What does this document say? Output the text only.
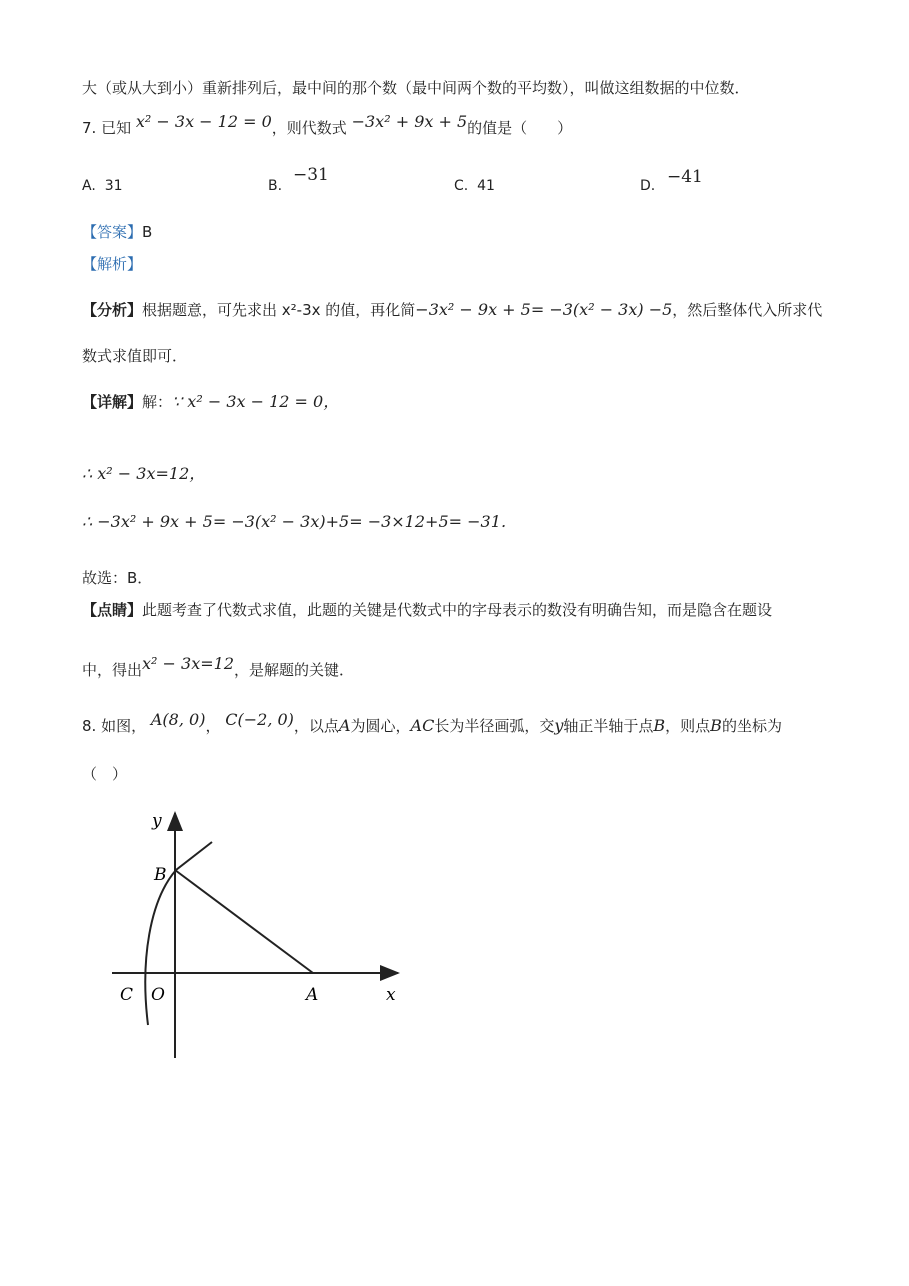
大（或从大到小）重新排列后，最中间的那个数（最中间两个数的平均数），叫做这组数据的中位数．
7. 已知 x² − 3x − 12 = 0，则代数式 −3x² + 9x + 5的值是（　　）
A. 31	B.
−31
C. 41	D. −41
【答案】B
【解析】
【分析】根据题意，可先求出 x²-3x 的值，再化简−3x² − 9x + 5= −3(x² − 3x) −5，然后整体代入所求代
数式求值即可．
【详解】解：∵ x² − 3x − 12 = 0，
∴ x² − 3x=12，
∴ −3x² + 9x + 5= −3(x² − 3x)+5= −3×12+5= −31．
故选：B．
【点睛】此题考查了代数式求值，此题的关键是代数式中的字母表示的数没有明确告知，而是隐含在题设
中，得出x² − 3x=12，是解题的关键．
8. 如图， A(8, 0)， C(−2, 0)，以点A为圆心，AC长为半径画弧，交y轴正半轴于点B，则点B的坐标为
（　）
y
B
C O	A	x
